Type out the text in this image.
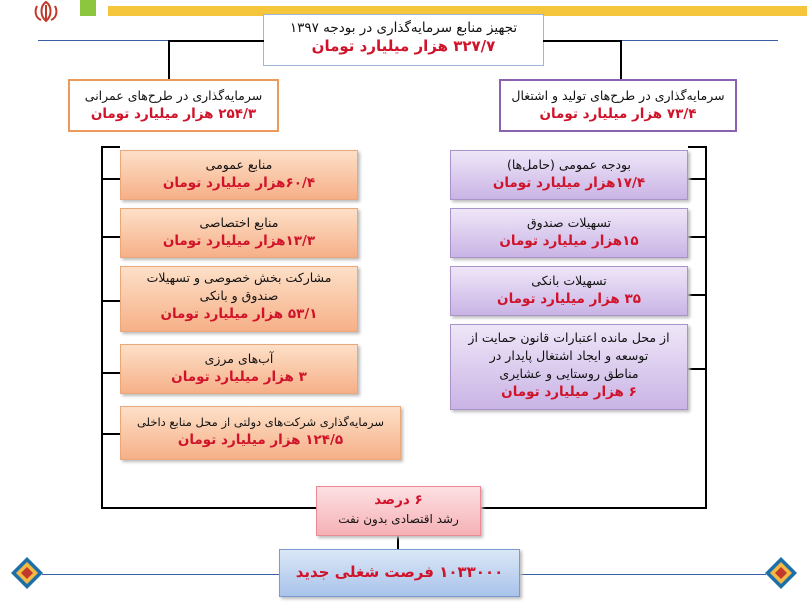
تجهیز منابع سرمایه‌گذاری در بودجه ۱۳۹۷
۳۲۷/۷ هزار میلیارد تومان
سرمایه‌گذاری در طرح‌های عمرانی
۲۵۴/۳ هزار میلیارد تومان
سرمایه‌گذاری در طرح‌های تولید و اشتغال
۷۳/۴ هزار میلیارد تومان
منابع عمومی
۶۰/۴هزار میلیارد تومان
منابع اختصاصی
۱۳/۳هزار میلیارد تومان
مشارکت بخش خصوصی و تسهیلات
صندوق و بانکی
۵۳/۱ هزار میلیارد تومان
آب‌های مرزی
۳ هزار میلیارد تومان
سرمایه‌گذاری شرکت‌های دولتی از محل منابع داخلی
۱۲۴/۵ هزار میلیارد تومان
بودجه عمومی (حامل‌ها)
۱۷/۴هزار میلیارد تومان
تسهیلات صندوق
۱۵هزار میلیارد تومان
تسهیلات بانکی
۳۵ هزار میلیارد تومان
از محل مانده اعتبارات قانون حمایت از
توسعه و ایجاد اشتغال پایدار در
مناطق روستایی و عشایری
۶ هزار میلیارد تومان
۶ درصد
رشد اقتصادی بدون نفت
۱۰۳۳۰۰۰ فرصت شغلی جدید
